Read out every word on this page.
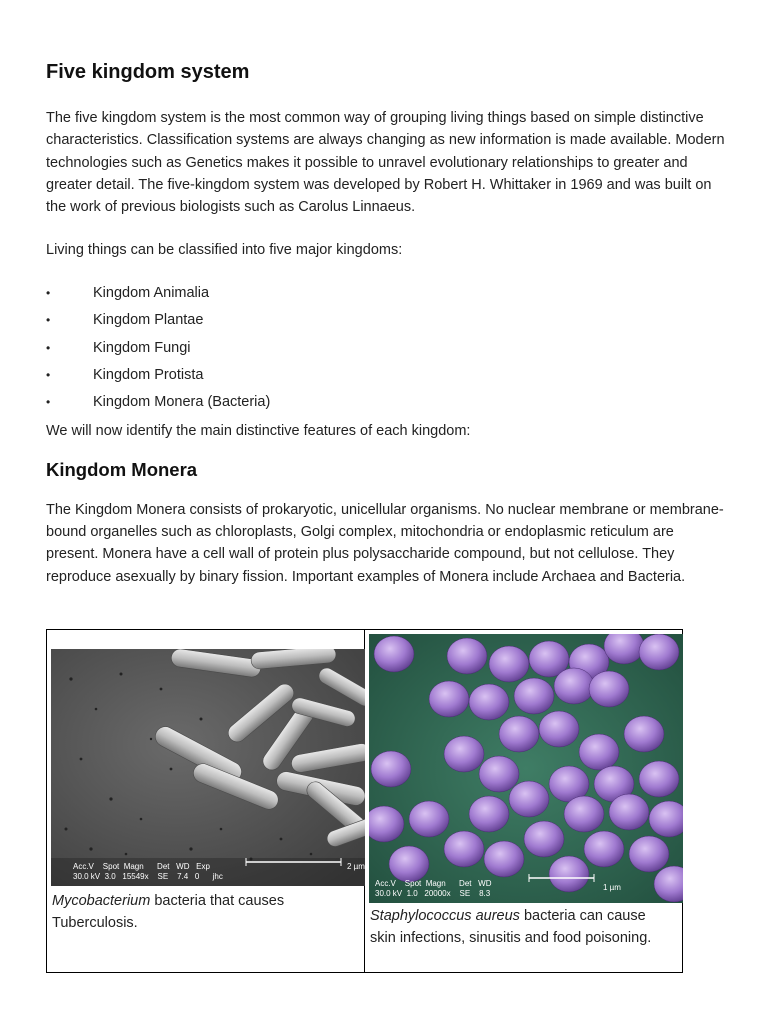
Five kingdom system

The five kingdom system is the most common way of grouping living things based on simple distinctive characteristics. Classification systems are always changing as new information is made available. Modern technologies such as Genetics makes it possible to unravel evolutionary relationships to greater and greater detail. The five-kingdom system was developed by Robert H. Whittaker in 1969 and was built on the work of previous biologists such as Carolus Linnaeus.

Living things can be classified into five major kingdoms:

•	Kingdom Animalia
•	Kingdom Plantae
•	Kingdom Fungi
•	Kingdom Protista
•	Kingdom Monera (Bacteria)

We will now identify the main distinctive features of each kingdom:

Kingdom Monera

The Kingdom Monera consists of prokaryotic, unicellular organisms. No nuclear membrane or membrane-bound organelles such as chloroplasts, Golgi complex, mitochondria or endoplasmic reticulum are present. Monera have a cell wall of protein plus polysaccharide compound, but not cellulose. They reproduce asexually by binary fission. Important examples of Monera include Archaea and Bacteria.

Acc.V    Spot  Magn      Det   WD   Exp
30.0 kV  3.0   15549x    SE    7.4   0      jhc
2 µm

Mycobacterium bacteria that causes Tuberculosis.

Acc.V    Spot  Magn      Det   WD
30.0 kV  1.0   20000x    SE    8.3
1 µm

Staphylococcus aureus bacteria can cause skin infections, sinusitis and food poisoning.
